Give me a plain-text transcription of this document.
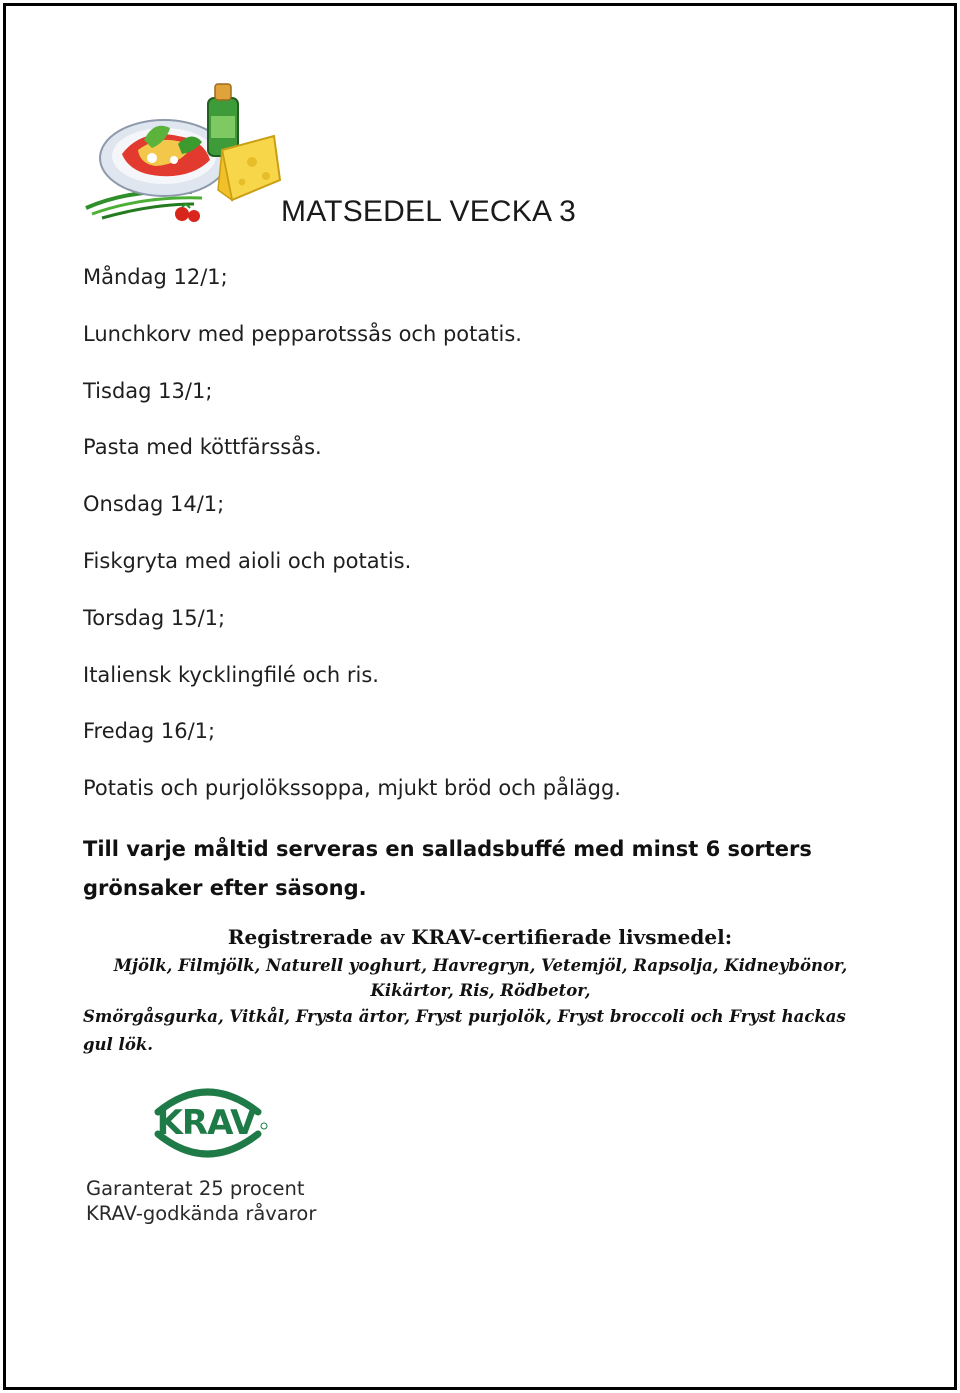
MATSEDEL VECKA 3

Måndag 12/1;

Lunchkorv med pepparotssås och potatis.

Tisdag 13/1;

Pasta med köttfärssås.

Onsdag 14/1;

Fiskgryta med aioli och potatis.

Torsdag 15/1;

Italiensk kycklingfilé och ris.

Fredag 16/1;

Potatis och purjolökssoppa, mjukt bröd och pålägg.

Till varje måltid serveras en salladsbuffé med minst 6 sorters grönsaker efter säsong.

Registrerade av KRAV-certifierade livsmedel:

Mjölk, Filmjölk, Naturell yoghurt, Havregryn, Vetemjöl, Rapsolja, Kidneybönor,
Kikärtor, Ris, Rödbetor,
Smörgåsgurka, Vitkål, Frysta ärtor, Fryst purjolök, Fryst broccoli och Fryst hackas gul lök.

KRAV
Garanterat 25 procent
KRAV-godkända råvaror
